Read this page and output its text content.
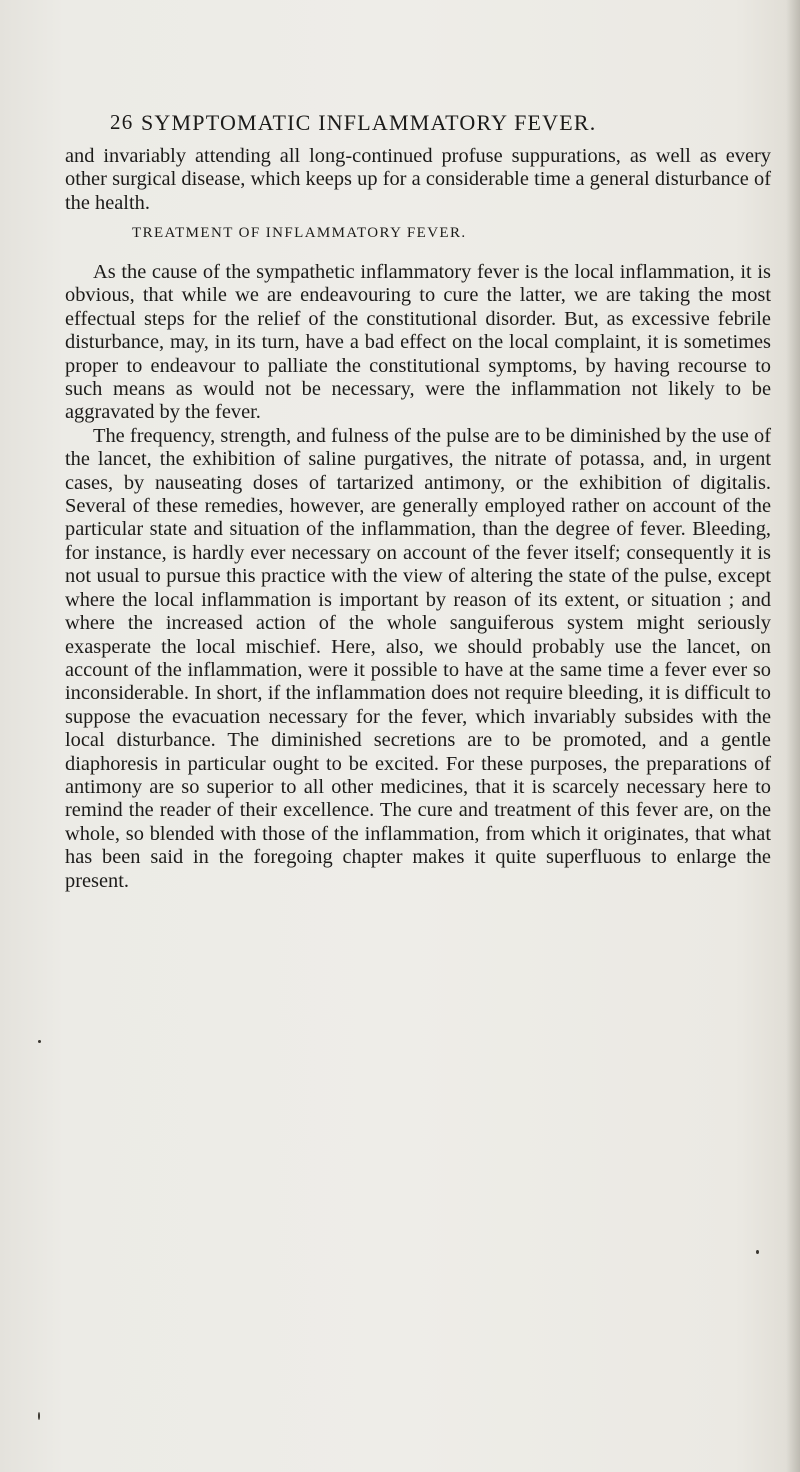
26 SYMPTOMATIC INFLAMMATORY FEVER.

and invariably attending all long-continued profuse suppurations, as well as every other surgical disease, which keeps up for a considerable time a general disturbance of the health.

TREATMENT OF INFLAMMATORY FEVER.

As the cause of the sympathetic inflammatory fever is the local inflammation, it is obvious, that while we are endeavouring to cure the latter, we are taking the most effectual steps for the relief of the constitutional disorder. But, as excessive febrile disturbance, may, in its turn, have a bad effect on the local complaint, it is sometimes proper to endeavour to palliate the constitutional symptoms, by having recourse to such means as would not be necessary, were the inflammation not likely to be aggravated by the fever.

The frequency, strength, and fulness of the pulse are to be diminished by the use of the lancet, the exhibition of saline purgatives, the nitrate of potassa, and, in urgent cases, by nauseating doses of tartarized antimony, or the exhibition of digitalis. Several of these remedies, however, are generally employed rather on account of the particular state and situation of the inflammation, than the degree of fever. Bleeding, for instance, is hardly ever necessary on account of the fever itself; consequently it is not usual to pursue this practice with the view of altering the state of the pulse, except where the local inflammation is important by reason of its extent, or situation ; and where the increased action of the whole sanguiferous system might seriously exasperate the local mischief. Here, also, we should probably use the lancet, on account of the inflammation, were it possible to have at the same time a fever ever so inconsiderable. In short, if the inflammation does not require bleeding, it is difficult to suppose the evacuation necessary for the fever, which invariably subsides with the local disturbance. The diminished secretions are to be promoted, and a gentle diaphoresis in particular ought to be excited. For these purposes, the preparations of antimony are so superior to all other medicines, that it is scarcely necessary here to remind the reader of their excellence. The cure and treatment of this fever are, on the whole, so blended with those of the inflammation, from which it originates, that what has been said in the foregoing chapter makes it quite superfluous to enlarge the present.
